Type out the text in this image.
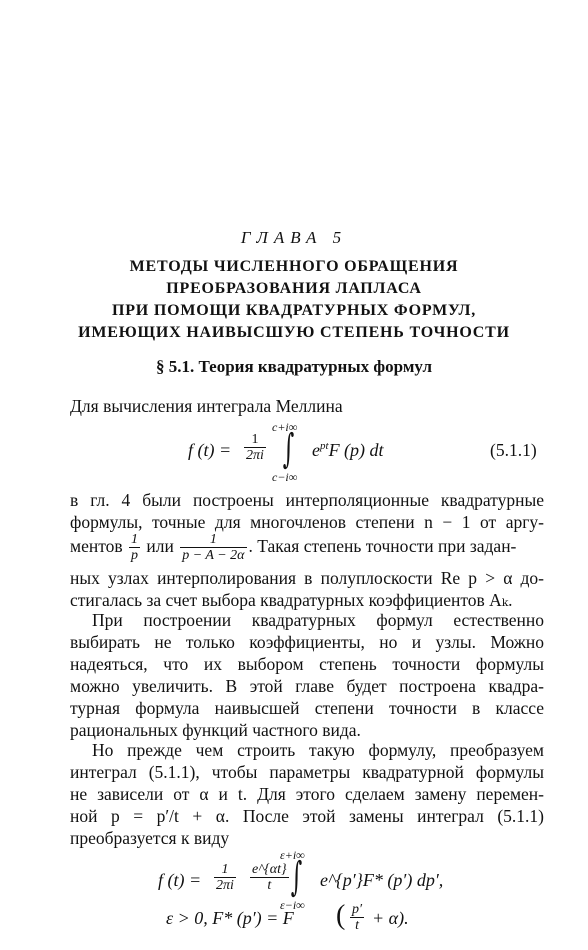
ГЛАВА 5
МЕТОДЫ ЧИСЛЕННОГО ОБРАЩЕНИЯ
ПРЕОБРАЗОВАНИЯ ЛАПЛАСА
ПРИ ПОМОЩИ КВАДРАТУРНЫХ ФОРМУЛ,
ИМЕЮЩИХ НАИВЫСШУЮ СТЕПЕНЬ ТОЧНОСТИ
§ 5.1. Теория квадратурных формул
Для вычисления интеграла Меллина
f $(t) = \frac{1}{2\pi i}$
c+i∞
∫
c−i∞
$e^{pt}F$ (p) dt	(5.1.1)
в гл. 4 были построены интерполяционные квадратурные
формулы, точные для многочленов степени n − 1 от аргу-
ментов $\frac{1}{p}$ или $\frac{1}{p - A - 2\alpha}$ . Такая степень точности при задан-
ных узлах интерполирования в полуплоскости Re p > α до-
стигалась за счет выбора квадратурных коэффициентов Aₖ.
При построении квадратурных формул естественно
выбирать не только коэффициенты, но и узлы. Можно
надеяться, что их выбором степень точности формулы
можно увеличить. В этой главе будет построена квадра-
турная формула наивысшей степени точности в классе
рациональных функций частного вида.
Но прежде чем строить такую формулу, преобразуем
интеграл (5.1.1), чтобы параметры квадратурной формулы
не зависели от α и t. Для этого сделаем замену перемен-
ной p = p′/t + α. После этой замены интеграл (5.1.1)
преобразуется к виду
f $(t) = \frac{1}{2\pi i} \frac{e\^{}\{\alpha t\}}{t}$
ε+i∞
∫
ε−i∞
e^{p′}F* (p′) dp′,
ε > 0, F* (p′) = F ( $\frac{p'}{t} + \alpha$).
